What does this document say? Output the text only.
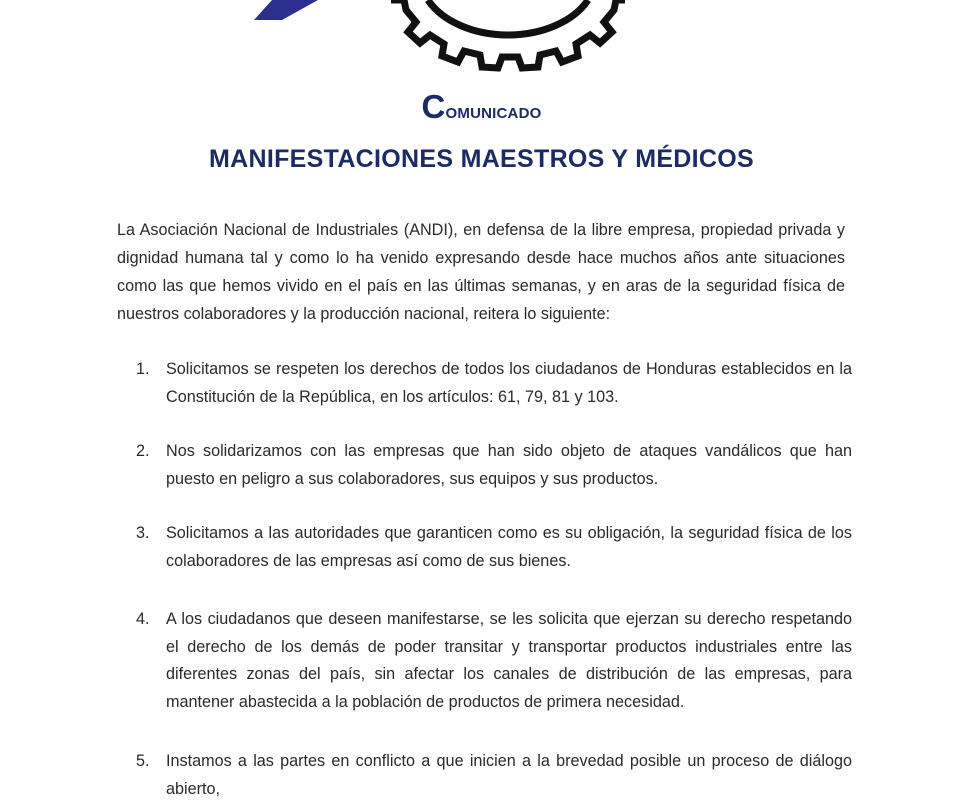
Comunicado
MANIFESTACIONES MAESTROS Y MÉDICOS

La Asociación Nacional de Industriales (ANDI), en defensa de la libre empresa, propiedad privada y dignidad humana tal y como lo ha venido expresando desde hace muchos años ante situaciones como las que hemos vivido en el país en las últimas semanas, y en aras de la seguridad física de nuestros colaboradores y la producción nacional, reitera lo siguiente:

1.	Solicitamos se respeten los derechos de todos los ciudadanos de Honduras establecidos en la Constitución de la República, en los artículos: 61, 79, 81 y 103.
2.	Nos solidarizamos con las empresas que han sido objeto de ataques vandálicos que han puesto en peligro a sus colaboradores, sus equipos y sus productos.
3.	Solicitamos a las autoridades que garanticen como es su obligación, la seguridad física de los colaboradores de las empresas así como de sus bienes.
4.	A los ciudadanos que deseen manifestarse, se les solicita que ejerzan su derecho respetando el derecho de los demás de poder transitar y transportar productos industriales entre las diferentes zonas del país, sin afectar los canales de distribución de las empresas, para mantener abastecida a la población de productos de primera necesidad.
5.	Instamos a las partes en conflicto a que inicien a la brevedad posible un proceso de diálogo abierto,
